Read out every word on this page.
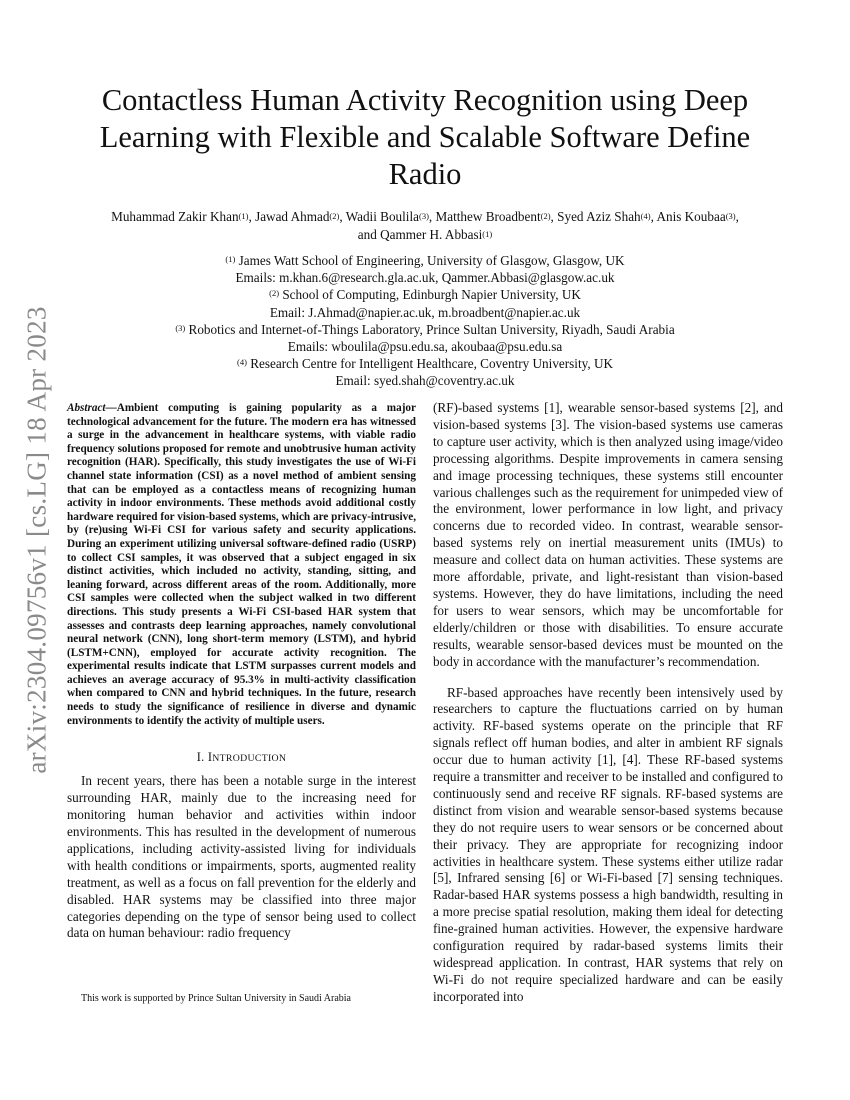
arXiv:2304.09756v1 [cs.LG] 18 Apr 2023
Contactless Human Activity Recognition using Deep Learning with Flexible and Scalable Software Define Radio
Muhammad Zakir Khan$^{(1)}$, Jawad Ahmad$^{(2)}$, Wadii Boulila$^{(3)}$, Matthew Broadbent$^{(2)}$, Syed Aziz Shah$^{(4)}$, Anis Koubaa$^{(3)}$,
and Qammer H. Abbasi$^{(1)}$
$^{(1)}$ James Watt School of Engineering, University of Glasgow, Glasgow, UK
Emails: m.khan.6@research.gla.ac.uk, Qammer.Abbasi@glasgow.ac.uk
$^{(2)}$ School of Computing, Edinburgh Napier University, UK
Email: J.Ahmad@napier.ac.uk, m.broadbent@napier.ac.uk
$^{(3)}$ Robotics and Internet-of-Things Laboratory, Prince Sultan University, Riyadh, Saudi Arabia
Emails: wboulila@psu.edu.sa, akoubaa@psu.edu.sa
$^{(4)}$ Research Centre for Intelligent Healthcare, Coventry University, UK
Email: syed.shah@coventry.ac.uk

Abstract—Ambient computing is gaining popularity as a major technological advancement for the future. The modern era has witnessed a surge in the advancement in healthcare systems, with viable radio frequency solutions proposed for remote and unobtrusive human activity recognition (HAR). Specifically, this study investigates the use of Wi-Fi channel state information (CSI) as a novel method of ambient sensing that can be employed as a contactless means of recognizing human activity in indoor environments. These methods avoid additional costly hardware required for vision-based systems, which are privacy-intrusive, by (re)using Wi-Fi CSI for various safety and security applications. During an experiment utilizing universal software-defined radio (USRP) to collect CSI samples, it was observed that a subject engaged in six distinct activities, which included no activity, standing, sitting, and leaning forward, across different areas of the room. Additionally, more CSI samples were collected when the subject walked in two different directions. This study presents a Wi-Fi CSI-based HAR system that assesses and contrasts deep learning approaches, namely convolutional neural network (CNN), long short-term memory (LSTM), and hybrid (LSTM+CNN), employed for accurate activity recognition. The experimental results indicate that LSTM surpasses current models and achieves an average accuracy of 95.3% in multi-activity classification when compared to CNN and hybrid techniques. In the future, research needs to study the significance of resilience in diverse and dynamic environments to identify the activity of multiple users.

I. INTRODUCTION

In recent years, there has been a notable surge in the interest surrounding HAR, mainly due to the increasing need for monitoring human behavior and activities within indoor environments. This has resulted in the development of numerous applications, including activity-assisted living for individuals with health conditions or impairments, sports, augmented reality treatment, as well as a focus on fall prevention for the elderly and disabled. HAR systems may be classified into three major categories depending on the type of sensor being used to collect data on human behaviour: radio frequency

(RF)-based systems [1], wearable sensor-based systems [2], and vision-based systems [3]. The vision-based systems use cameras to capture user activity, which is then analyzed using image/video processing algorithms. Despite improvements in camera sensing and image processing techniques, these systems still encounter various challenges such as the requirement for unimpeded view of the environment, lower performance in low light, and privacy concerns due to recorded video. In contrast, wearable sensor-based systems rely on inertial measurement units (IMUs) to measure and collect data on human activities. These systems are more affordable, private, and light-resistant than vision-based systems. However, they do have limitations, including the need for users to wear sensors, which may be uncomfortable for elderly/children or those with disabilities. To ensure accurate results, wearable sensor-based devices must be mounted on the body in accordance with the manufacturer’s recommendation.

RF-based approaches have recently been intensively used by researchers to capture the fluctuations carried on by human activity. RF-based systems operate on the principle that RF signals reflect off human bodies, and alter in ambient RF signals occur due to human activity [1], [4]. These RF-based systems require a transmitter and receiver to be installed and configured to continuously send and receive RF signals. RF-based systems are distinct from vision and wearable sensor-based systems because they do not require users to wear sensors or be concerned about their privacy. They are appropriate for recognizing indoor activities in healthcare system. These systems either utilize radar [5], Infrared sensing [6] or Wi-Fi-based [7] sensing techniques. Radar-based HAR systems possess a high bandwidth, resulting in a more precise spatial resolution, making them ideal for detecting fine-grained human activities. However, the expensive hardware configuration required by radar-based systems limits their widespread application. In contrast, HAR systems that rely on Wi-Fi do not require specialized hardware and can be easily incorporated into

This work is supported by Prince Sultan University in Saudi Arabia
